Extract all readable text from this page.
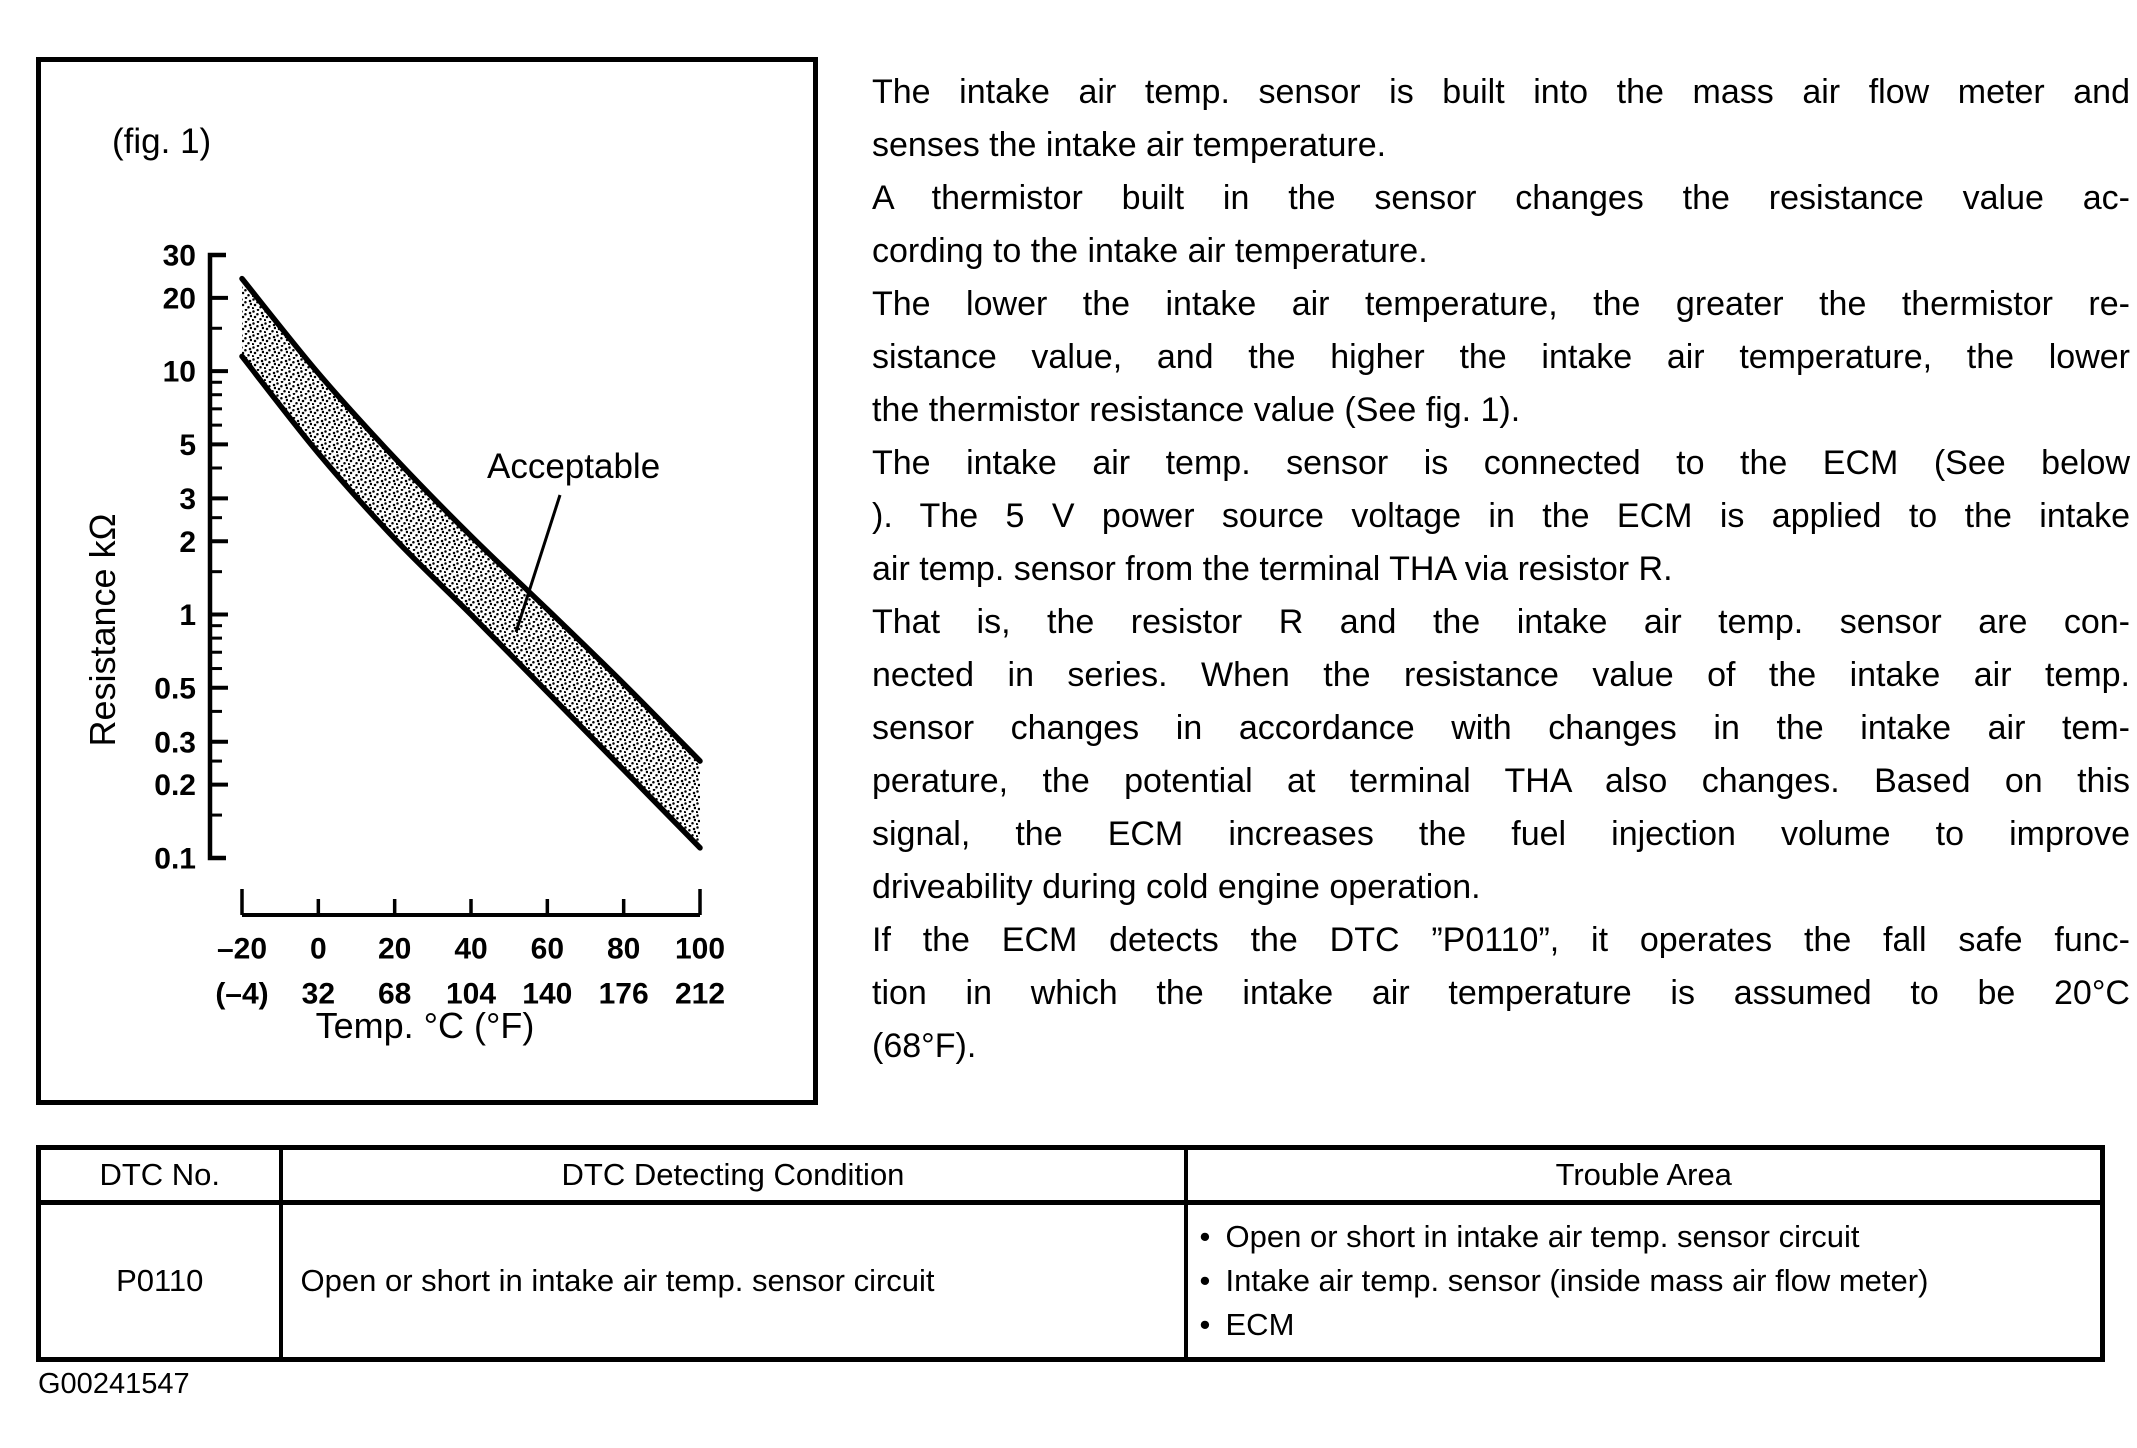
30
20
10
5
3
2
1
0.5
0.3
0.2
0.1
–20
(–4)
0
32
20
68
40
104
60
140
80
176
100
212
(fig. 1)
Resistance kΩ
Acceptable
Temp. °C (°F)
The intake air temp. sensor is built into the mass air flow meter and
senses the intake air temperature.
A thermistor built in the sensor changes the resistance value ac-
cording to the intake air temperature.
The lower the intake air temperature, the greater the thermistor re-
sistance value, and the higher the intake air temperature, the lower
the thermistor resistance value (See fig. 1).
The intake air temp. sensor is connected to the ECM (See below
). The 5 V power source voltage in the ECM is applied to the intake
air temp. sensor from the terminal THA via resistor R.
That is, the resistor R and the intake air temp. sensor are con-
nected in series. When the resistance value of the intake air temp.
sensor changes in accordance with changes in the intake air tem-
perature, the potential at terminal THA also changes. Based on this
signal, the ECM increases the fuel injection volume to improve
driveability during cold engine operation.
If the ECM detects the DTC ”P0110”, it operates the fall safe func-
tion in which the intake air temperature is assumed to be 20°C
(68°F).
DTC No.	DTC Detecting Condition	Trouble Area
P0110	Open or short in intake air temp. sensor circuit	• Open or short in intake air temp. sensor circuit
• Intake air temp. sensor (inside mass air flow meter)
• ECM
G00241547
